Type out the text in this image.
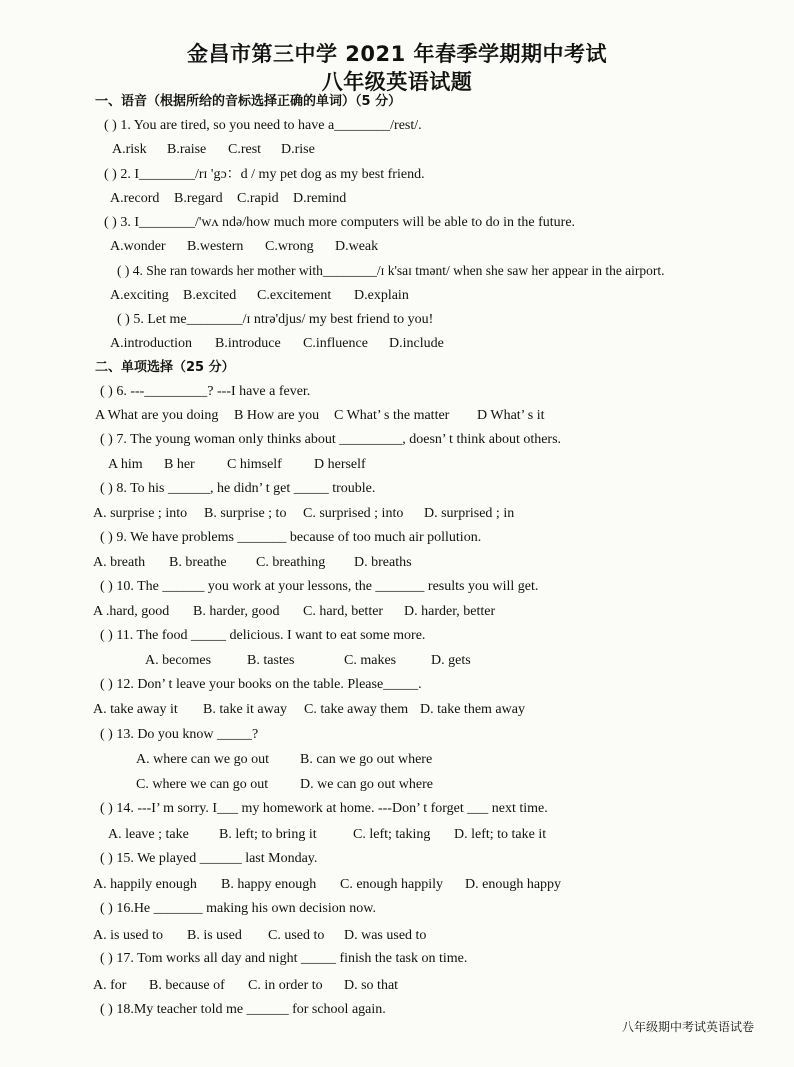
金昌市第三中学 2021 年春季学期期中考试
八年级英语试题
一、语音（根据所给的音标选择正确的单词）（5 分）
( ) 1. You are tired, so you need to have a________/rest/.
A.risk B.raise C.rest D.rise
( ) 2. I________/rɪ 'gɔ：d / my pet dog as my best friend.
A.record B.regard C.rapid D.remind
( ) 3. I________/'wʌ ndə/how much more computers will be able to do in the future.
A.wonder B.western C.wrong D.weak
( ) 4. She ran towards her mother with________/ɪ k'saɪ tmənt/ when she saw her appear in the airport.
A.exciting B.excited C.excitement D.explain
( ) 5. Let me________/ɪ ntrə'djus/ my best friend to you!
A.introduction B.introduce C.influence D.include
二、单项选择（25 分）
( ) 6. ---_________? ---I have a fever.
A What are you doing B How are you C What’ s the matter D What’ s it
( ) 7. The young woman only thinks about _________, doesn’ t think about others.
A him B her C himself D herself
( ) 8. To his ______, he didn’ t get _____ trouble.
A. surprise ; into B. surprise ; to C. surprised ; into D. surprised ; in
( ) 9. We have problems _______ because of too much air pollution.
A. breath B. breathe C. breathing D. breaths
( ) 10. The ______ you work at your lessons, the _______ results you will get.
A .hard, good B. harder, good C. hard, better D. harder, better
( ) 11. The food _____ delicious. I want to eat some more.
A. becomes	B. tastes	C. makes D. gets
( ) 12. Don’ t leave your books on the table. Please_____.
A. take away it B. take it away C. take away them D. take them away
( ) 13. Do you know _____?
A. where can we go out B. can we go out where
C. where we can go out D. we can go out where
( ) 14. ---I’ m sorry. I___ my homework at home. ---Don’ t forget ___ next time.
A. leave ; take B. left; to bring it	C. left; taking D. left; to take it
( ) 15. We played ______ last Monday.
A. happily enough B. happy enough C. enough happily D. enough happy
( ) 16.He _______ making his own decision now.
A. is used to B. is used C. used to D. was used to
( ) 17. Tom works all day and night _____ finish the task on time.
A. for B. because of C. in order to D. so that
( ) 18.My teacher told me ______ for school again.
八年级期中考试英语试卷
